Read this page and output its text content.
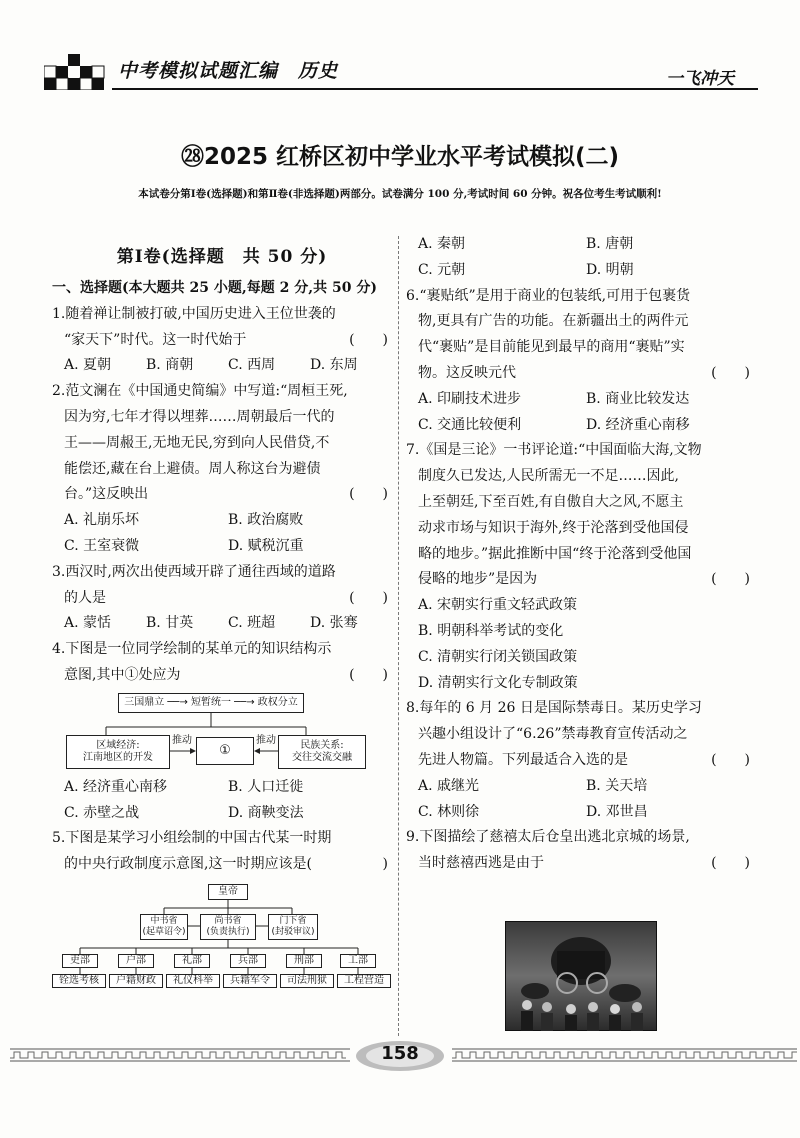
中考模拟试题汇编　历史	一飞冲天
㉘2025 红桥区初中学业水平考试模拟(二)
本试卷分第Ⅰ卷(选择题)和第Ⅱ卷(非选择题)两部分。试卷满分 100 分,考试时间 60 分钟。祝各位考生考试顺利!
第Ⅰ卷(选择题　共 50 分)
一、选择题(本大题共 25 小题,每题 2 分,共 50 分)
1. 随着禅让制被打破,中国历史进入王位世袭的
“家天下”时代。这一时代始于	(　　)
A. 夏朝	B. 商朝	C. 西周	D. 东周
2. 范文澜在《中国通史简编》中写道:“周桓王死,
因为穷,七年才得以埋葬……周朝最后一代的
王——周赧王,无地无民,穷到向人民借贷,不
能偿还,藏在台上避债。周人称这台为避债
台。”这反映出	(　　)
A. 礼崩乐坏	B. 政治腐败
C. 王室衰微	D. 赋税沉重
3. 西汉时,两次出使西域开辟了通往西域的道路
的人是	(　　)
A. 蒙恬	B. 甘英	C. 班超	D. 张骞
4. 下图是一位同学绘制的某单元的知识结构示
意图,其中①处应为	(　　)
三国鼎立 ──→ 短暂统一 ──→ 政权分立
区域经济:
江南地区的开发
推动
①
推动 民族关系:
交往交流交融
A. 经济重心南移	B. 人口迁徙
C. 赤壁之战	D. 商鞅变法
5. 下图是某学习小组绘制的中国古代某一时期
的中央行政制度示意图,这一时期应该是(	)
皇帝
中书省
(起草诏令)
尚书省
(负责执行)
门下省
(封驳审议)
吏部	户部	礼部	兵部	刑部	工部
铨选考核	户籍财政	礼仪科举	兵籍军令	司法刑狱	工程营造
A. 秦朝	B. 唐朝
C. 元朝	D. 明朝
6. “裹贴纸”是用于商业的包装纸,可用于包裹货
物,更具有广告的功能。在新疆出土的两件元
代“裹贴”是目前能见到最早的商用“裹贴”实
物。这反映元代	(　　)
A. 印刷技术进步	B. 商业比较发达
C. 交通比较便利	D. 经济重心南移
7. 《国是三论》一书评论道:“中国面临大海,文物
制度久已发达,人民所需无一不足……因此,
上至朝廷,下至百姓,有自傲自大之风,不愿主
动求市场与知识于海外,终于沦落到受他国侵
略的地步。”据此推断中国“终于沦落到受他国
侵略的地步”是因为	(　　)
A. 宋朝实行重文轻武政策
B. 明朝科举考试的变化
C. 清朝实行闭关锁国政策
D. 清朝实行文化专制政策
8. 每年的 6 月 26 日是国际禁毒日。某历史学习
兴趣小组设计了“6.26”禁毒教育宣传活动之
先进人物篇。下列最适合入选的是	(　　)
A. 戚继光	B. 关天培
C. 林则徐	D. 邓世昌
9. 下图描绘了慈禧太后仓皇出逃北京城的场景,
当时慈禧西逃是由于	(　　)
158
